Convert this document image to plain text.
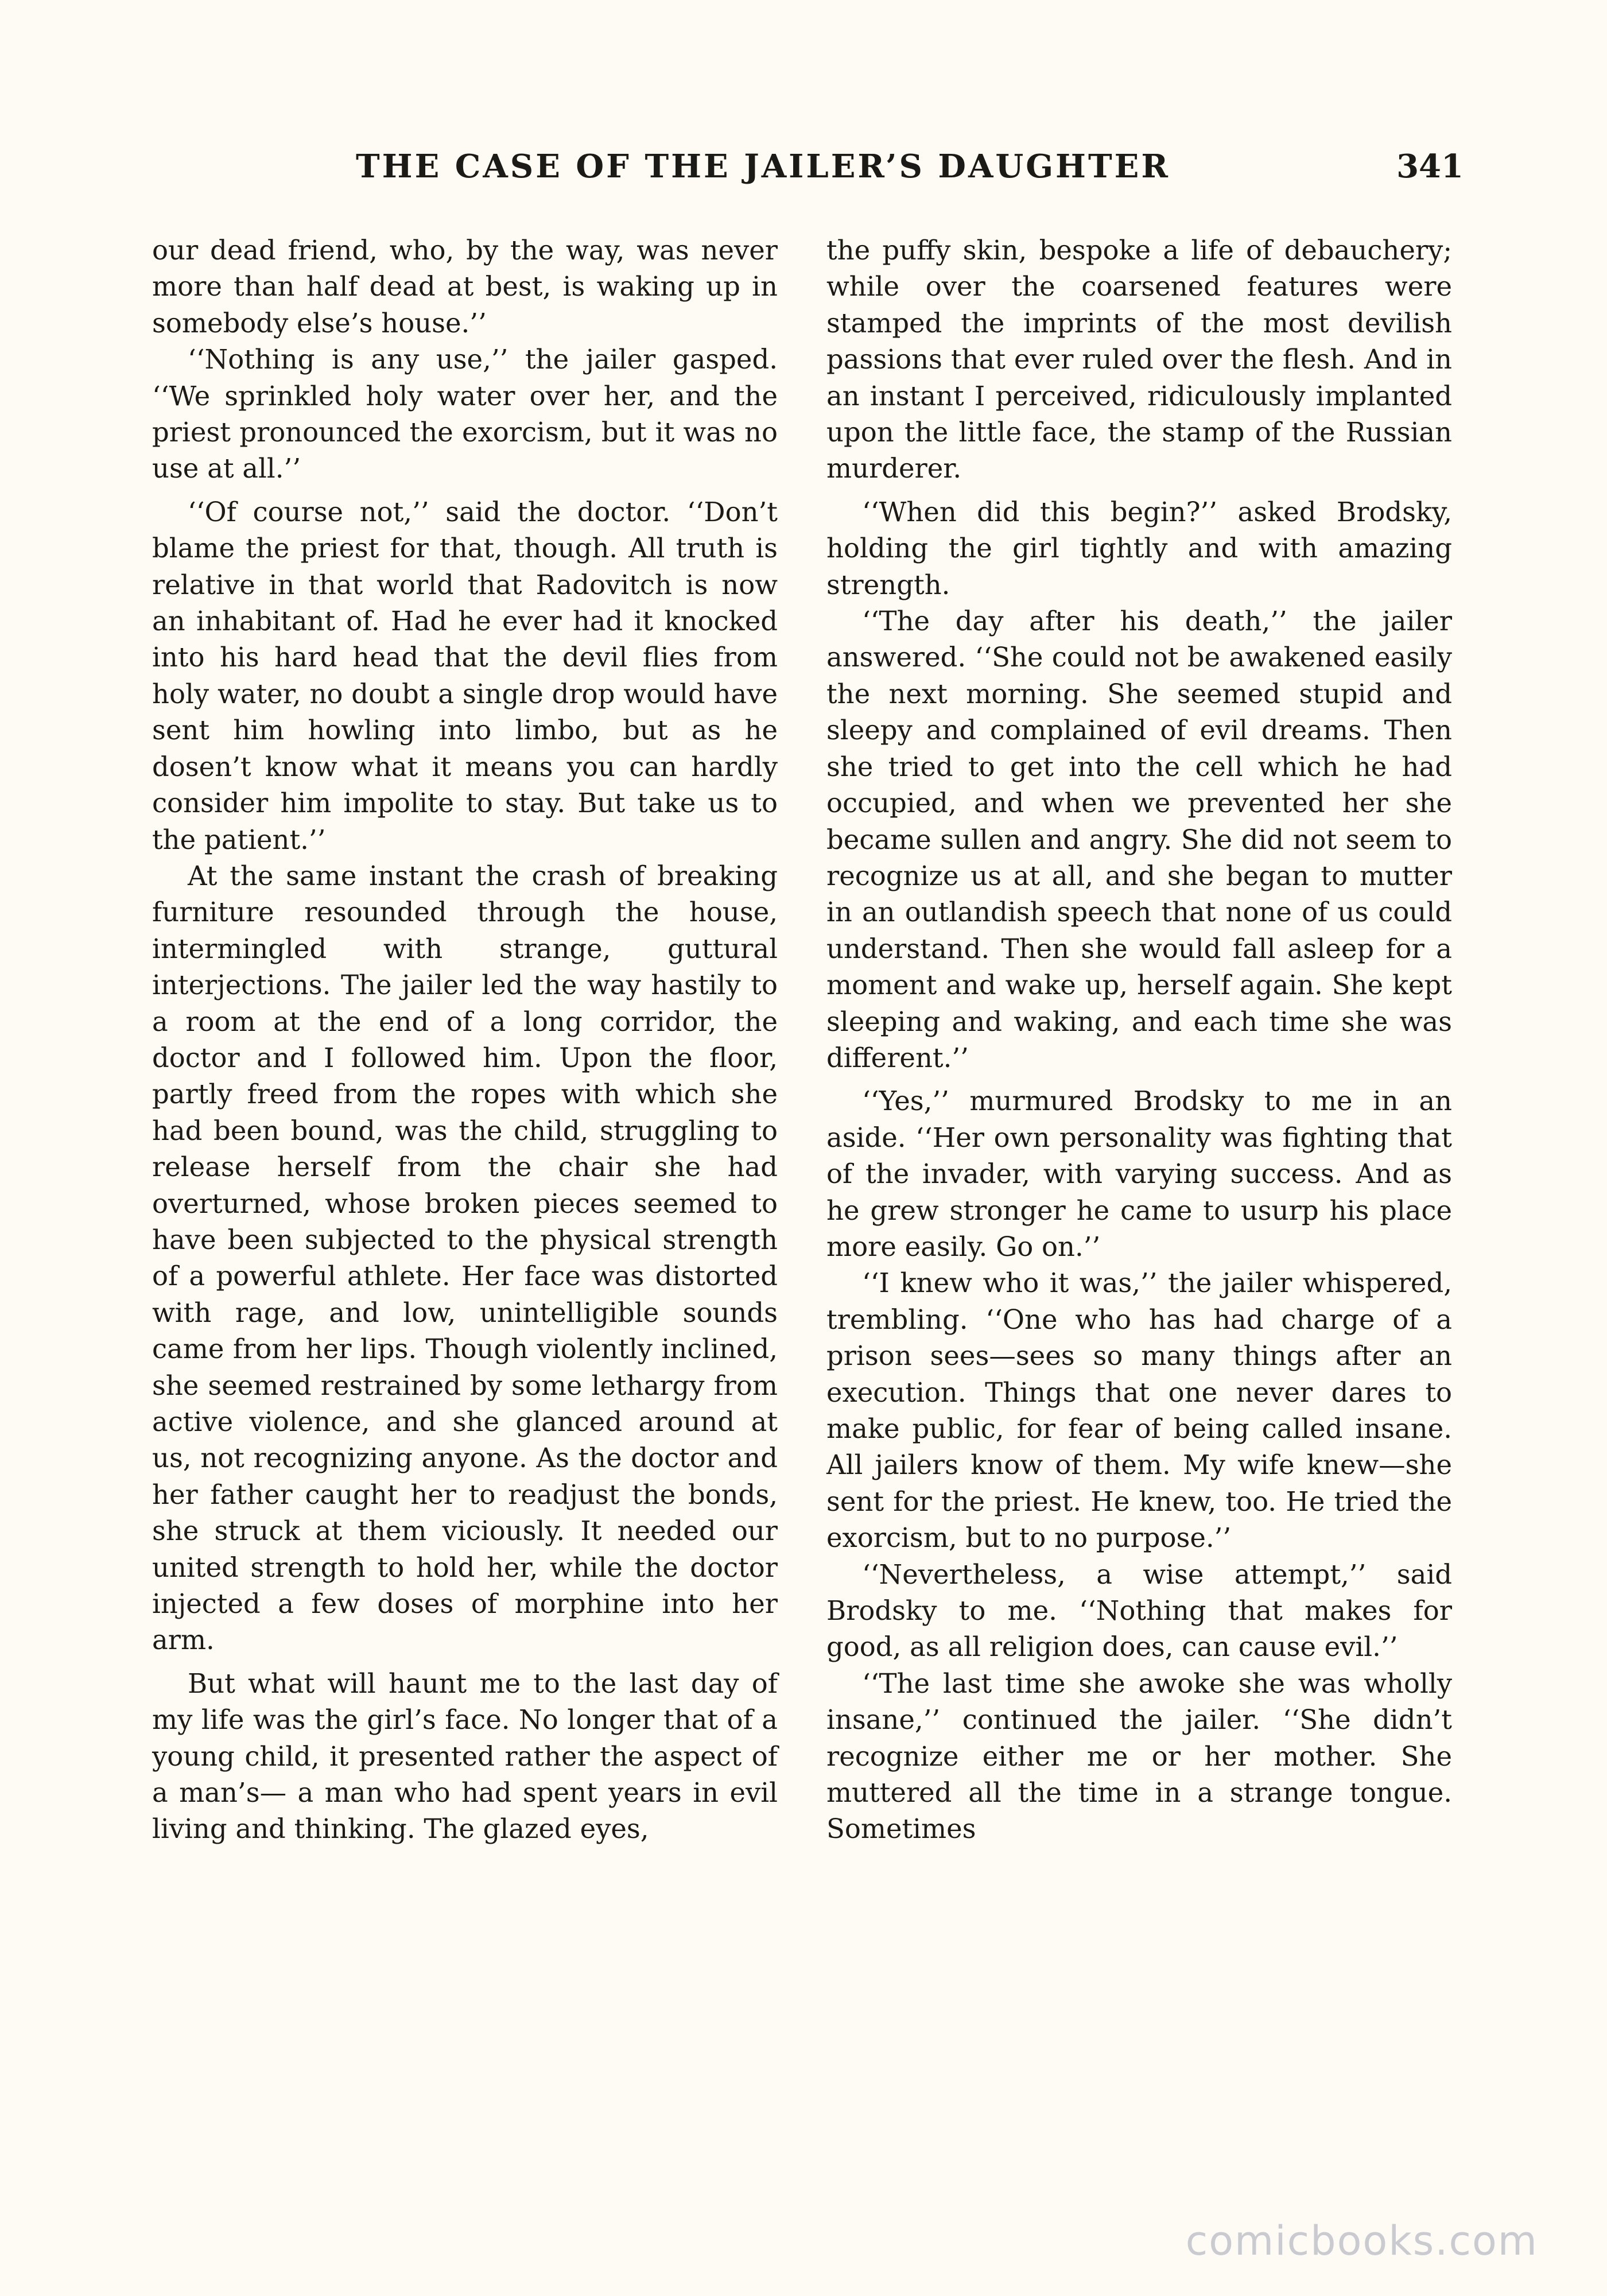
THE CASE OF THE JAILER’S DAUGHTER	341

our dead friend, who, by the way, was never more than half dead at best, is waking up in somebody else’s house.’’

‘‘Nothing is any use,’’ the jailer gasped. ‘‘We sprinkled holy water over her, and the priest pronounced the exorcism, but it was no use at all.’’

‘‘Of course not,’’ said the doctor. ‘‘Don’t blame the priest for that, though. All truth is relative in that world that Radovitch is now an inhabitant of. Had he ever had it knocked into his hard head that the devil flies from holy water, no doubt a single drop would have sent him howling into limbo, but as he dosen’t know what it means you can hardly consider him impolite to stay. But take us to the patient.’’

At the same instant the crash of breaking furniture resounded through the house, intermingled with strange, guttural interjections. The jailer led the way hastily to a room at the end of a long corridor, the doctor and I followed him. Upon the floor, partly freed from the ropes with which she had been bound, was the child, struggling to release herself from the chair she had overturned, whose broken pieces seemed to have been subjected to the physical strength of a powerful athlete. Her face was distorted with rage, and low, unintelligible sounds came from her lips. Though violently inclined, she seemed restrained by some lethargy from active violence, and she glanced around at us, not recognizing anyone. As the doctor and her father caught her to readjust the bonds, she struck at them viciously. It needed our united strength to hold her, while the doctor injected a few doses of morphine into her arm.

But what will haunt me to the last day of my life was the girl’s face. No longer that of a young child, it presented rather the aspect of a man’s— a man who had spent years in evil living and thinking. The glazed eyes,

the puffy skin, bespoke a life of debauchery; while over the coarsened features were stamped the imprints of the most devilish passions that ever ruled over the flesh. And in an instant I perceived, ridiculously implanted upon the little face, the stamp of the Russian murderer.

‘‘When did this begin?’’ asked Brodsky, holding the girl tightly and with amazing strength.

‘‘The day after his death,’’ the jailer answered. ‘‘She could not be awakened easily the next morning. She seemed stupid and sleepy and complained of evil dreams. Then she tried to get into the cell which he had occupied, and when we prevented her she became sullen and angry. She did not seem to recognize us at all, and she began to mutter in an outlandish speech that none of us could understand. Then she would fall asleep for a moment and wake up, herself again. She kept sleeping and waking, and each time she was different.’’

‘‘Yes,’’ murmured Brodsky to me in an aside. ‘‘Her own personality was fighting that of the invader, with varying success. And as he grew stronger he came to usurp his place more easily. Go on.’’

‘‘I knew who it was,’’ the jailer whispered, trembling. ‘‘One who has had charge of a prison sees—sees so many things after an execution. Things that one never dares to make public, for fear of being called insane. All jailers know of them. My wife knew—she sent for the priest. He knew, too. He tried the exorcism, but to no purpose.’’

‘‘Nevertheless, a wise attempt,’’ said Brodsky to me. ‘‘Nothing that makes for good, as all religion does, can cause evil.’’

‘‘The last time she awoke she was wholly insane,’’ continued the jailer. ‘‘She didn’t recognize either me or her mother. She muttered all the time in a strange tongue. Sometimes

comicbooks.com
